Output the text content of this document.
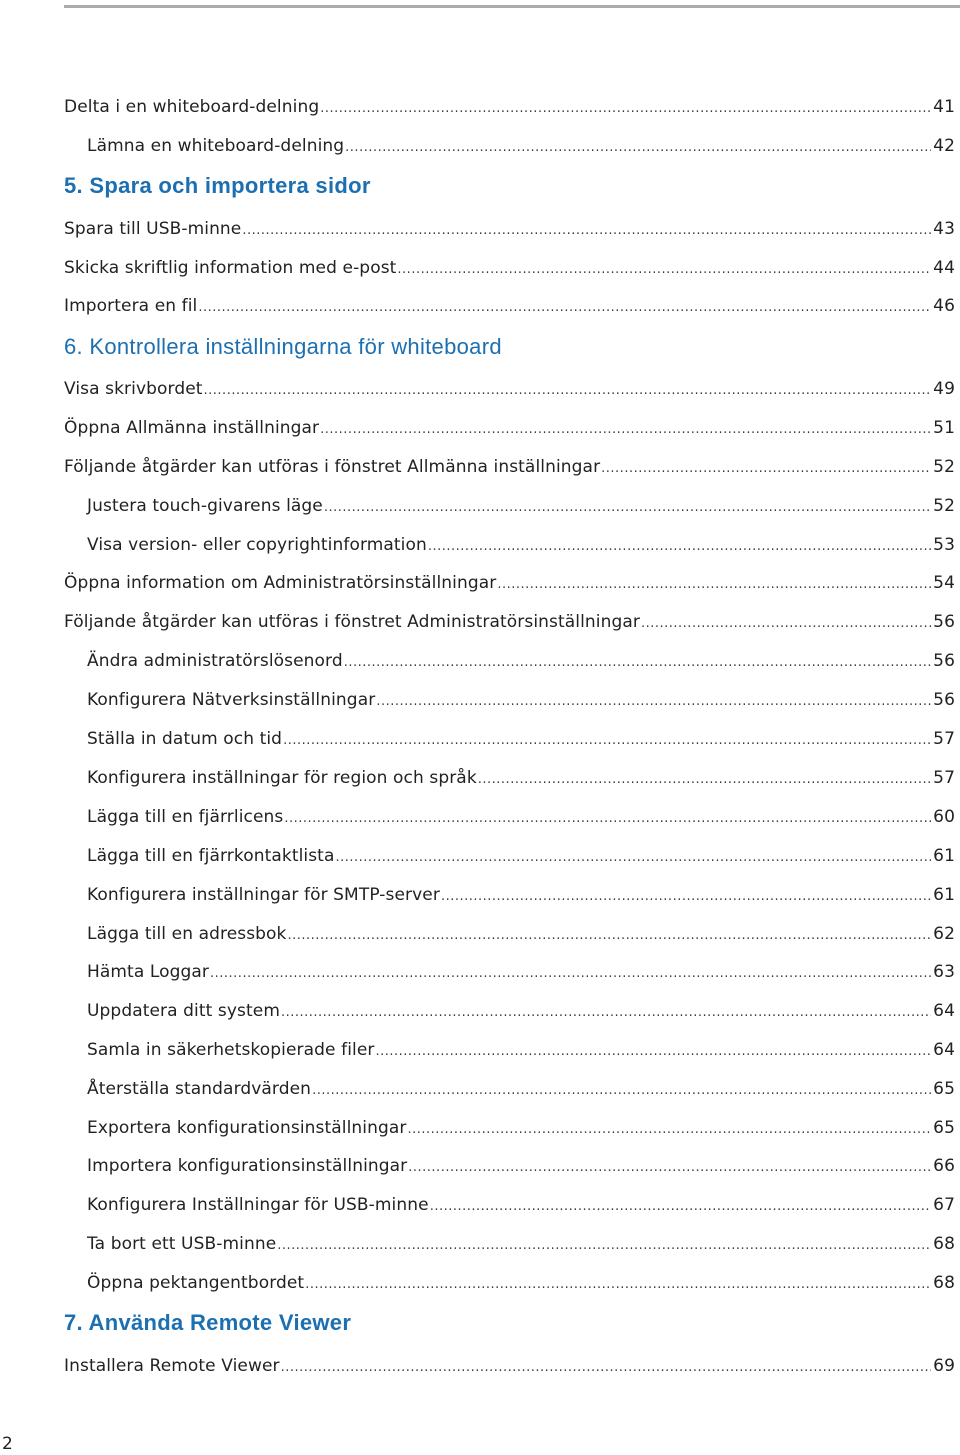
Delta i en whiteboard-delning .....	41
Lämna en whiteboard-delning .....	42
5. Spara och importera sidor
Spara till USB-minne .....	43
Skicka skriftlig information med e-post .....	44
Importera en fil .....	46
6. Kontrollera inställningarna för whiteboard
Visa skrivbordet .....	49
Öppna Allmänna inställningar .....	51
Följande åtgärder kan utföras i fönstret Allmänna inställningar .....	52
Justera touch-givarens läge .....	52
Visa version- eller copyrightinformation .....	53
Öppna information om Administratörsinställningar .....	54
Följande åtgärder kan utföras i fönstret Administratörsinställningar .....	56
Ändra administratörslösenord .....	56
Konfigurera Nätverksinställningar .....	56
Ställa in datum och tid .....	57
Konfigurera inställningar för region och språk .....	57
Lägga till en fjärrlicens .....	60
Lägga till en fjärrkontaktlista .....	61
Konfigurera inställningar för SMTP-server .....	61
Lägga till en adressbok .....	62
Hämta Loggar .....	63
Uppdatera ditt system .....	64
Samla in säkerhetskopierade filer .....	64
Återställa standardvärden .....	65
Exportera konfigurationsinställningar .....	65
Importera konfigurationsinställningar .....	66
Konfigurera Inställningar för USB-minne .....	67
Ta bort ett USB-minne .....	68
Öppna pektangentbordet .....	68
7. Använda Remote Viewer
Installera Remote Viewer .....	69
2
